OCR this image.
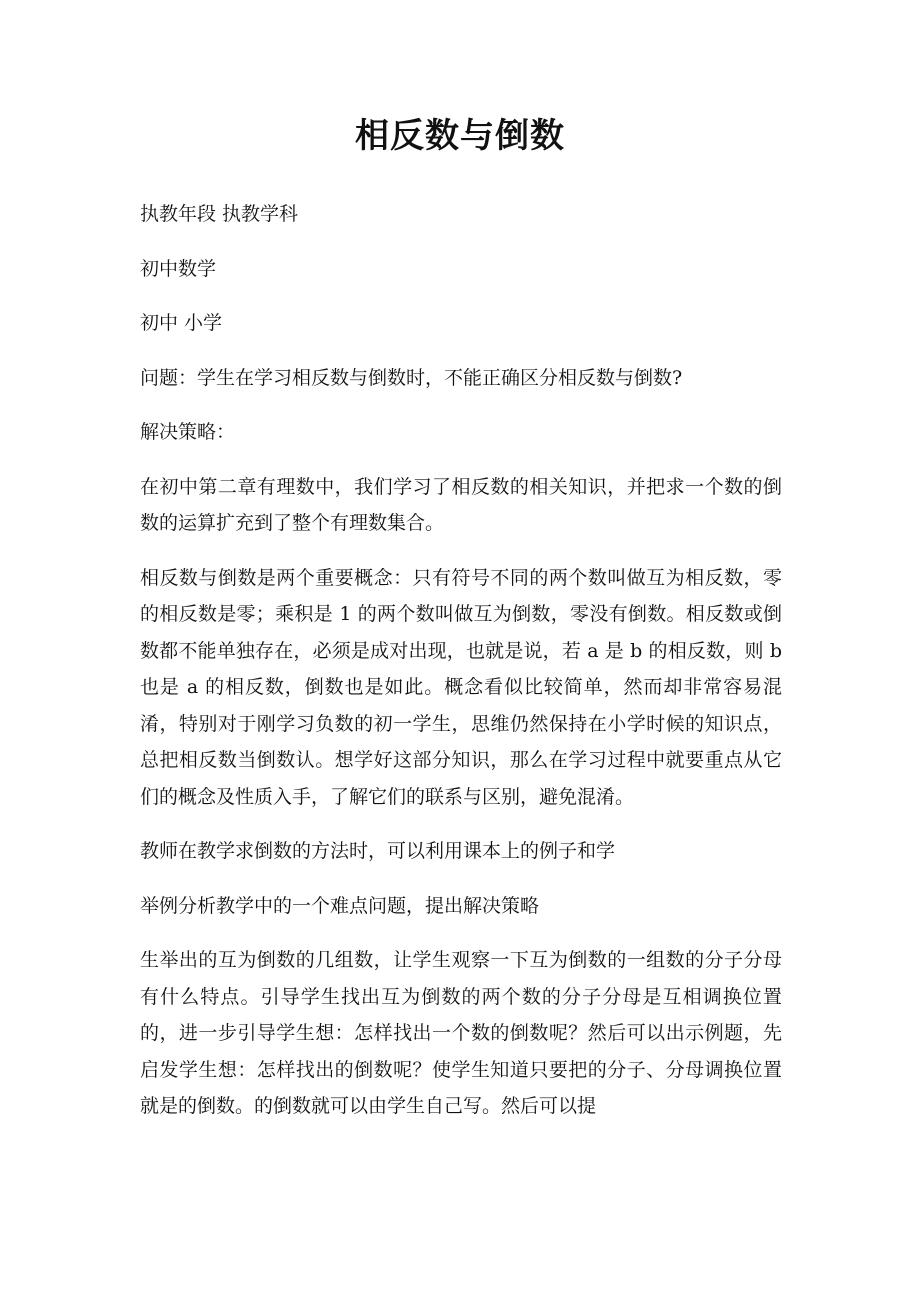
相反数与倒数

执教年段 执教学科

初中数学

初中 小学

问题：学生在学习相反数与倒数时，不能正确区分相反数与倒数?

解决策略：

在初中第二章有理数中，我们学习了相反数的相关知识，并把求一个数的倒数的运算扩充到了整个有理数集合。

相反数与倒数是两个重要概念：只有符号不同的两个数叫做互为相反数，零的相反数是零；乘积是 1 的两个数叫做互为倒数，零没有倒数。相反数或倒数都不能单独存在，必须是成对出现，也就是说，若 a 是 b 的相反数，则 b 也是 a 的相反数，倒数也是如此。概念看似比较简单，然而却非常容易混淆，特别对于刚学习负数的初一学生，思维仍然保持在小学时候的知识点，总把相反数当倒数认。想学好这部分知识，那么在学习过程中就要重点从它们的概念及性质入手，了解它们的联系与区别，避免混淆。

教师在教学求倒数的方法时，可以利用课本上的例子和学

举例分析教学中的一个难点问题，提出解决策略

生举出的互为倒数的几组数，让学生观察一下互为倒数的一组数的分子分母有什么特点。引导学生找出互为倒数的两个数的分子分母是互相调换位置的，进一步引导学生想：怎样找出一个数的倒数呢？然后可以出示例题，先启发学生想：怎样找出的倒数呢？使学生知道只要把的分子、分母调换位置就是的倒数。的倒数就可以由学生自己写。然后可以提
